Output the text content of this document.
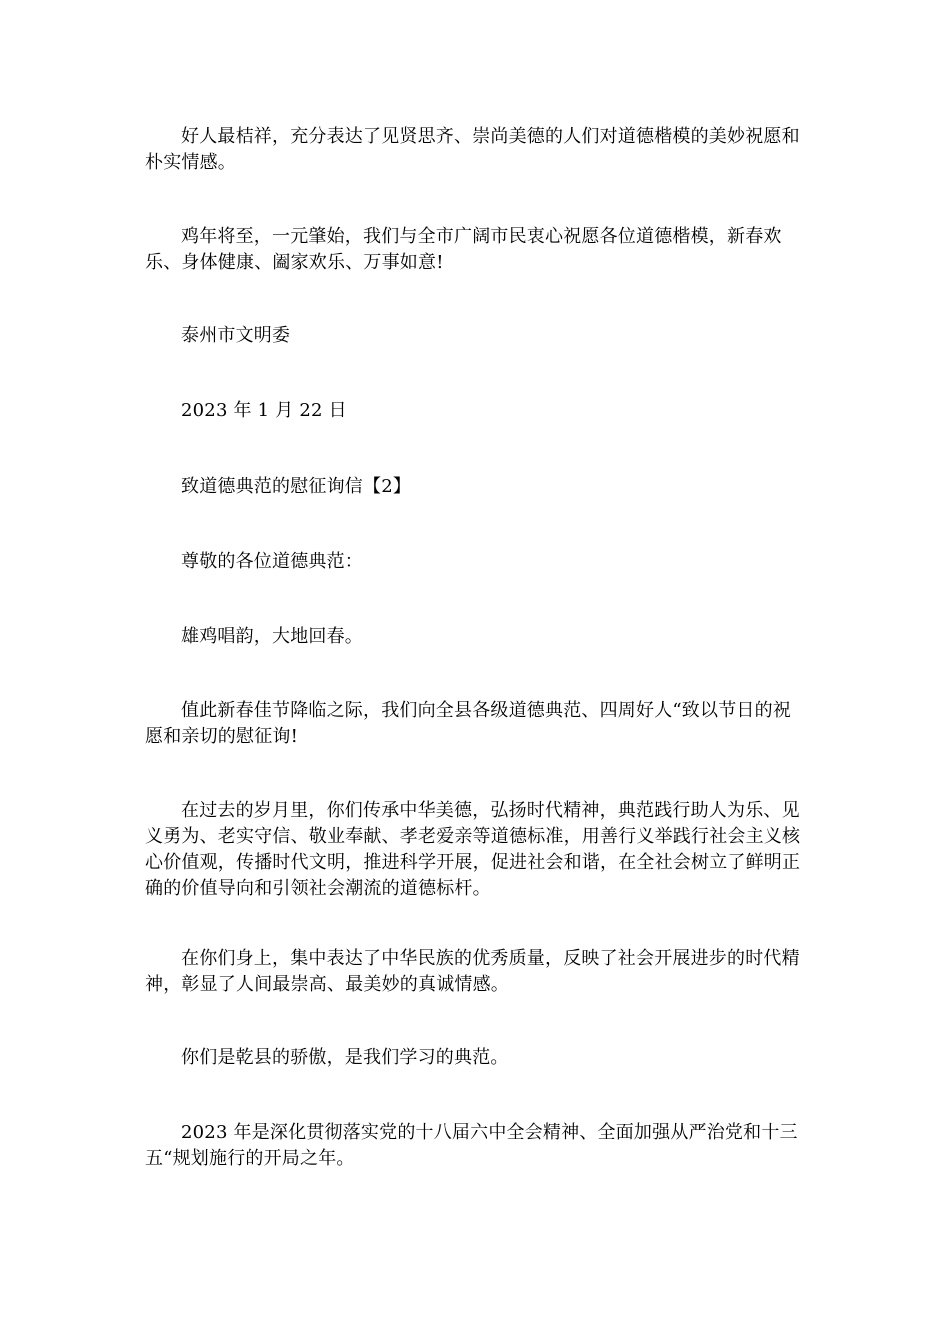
好人最桔祥，充分表达了见贤思齐、崇尚美德的人们对道德楷模的美妙祝愿和朴实情感。

鸡年将至，一元肇始，我们与全市广阔市民衷心祝愿各位道德楷模，新春欢乐、身体健康、阖家欢乐、万事如意!

泰州市文明委

2023 年 1 月 22 日

致道德典范的慰征询信【2】

尊敬的各位道德典范：

雄鸡唱韵，大地回春。

值此新春佳节降临之际，我们向全县各级道德典范、四周好人“致以节日的祝愿和亲切的慰征询!

在过去的岁月里，你们传承中华美德，弘扬时代精神，典范践行助人为乐、见义勇为、老实守信、敬业奉献、孝老爱亲等道德标准，用善行义举践行社会主义核心价值观，传播时代文明，推进科学开展，促进社会和谐，在全社会树立了鲜明正确的价值导向和引领社会潮流的道德标杆。

在你们身上，集中表达了中华民族的优秀质量，反映了社会开展进步的时代精神，彰显了人间最崇高、最美妙的真诚情感。

你们是乾县的骄傲，是我们学习的典范。

2023 年是深化贯彻落实党的十八届六中全会精神、全面加强从严治党和十三五“规划施行的开局之年。
